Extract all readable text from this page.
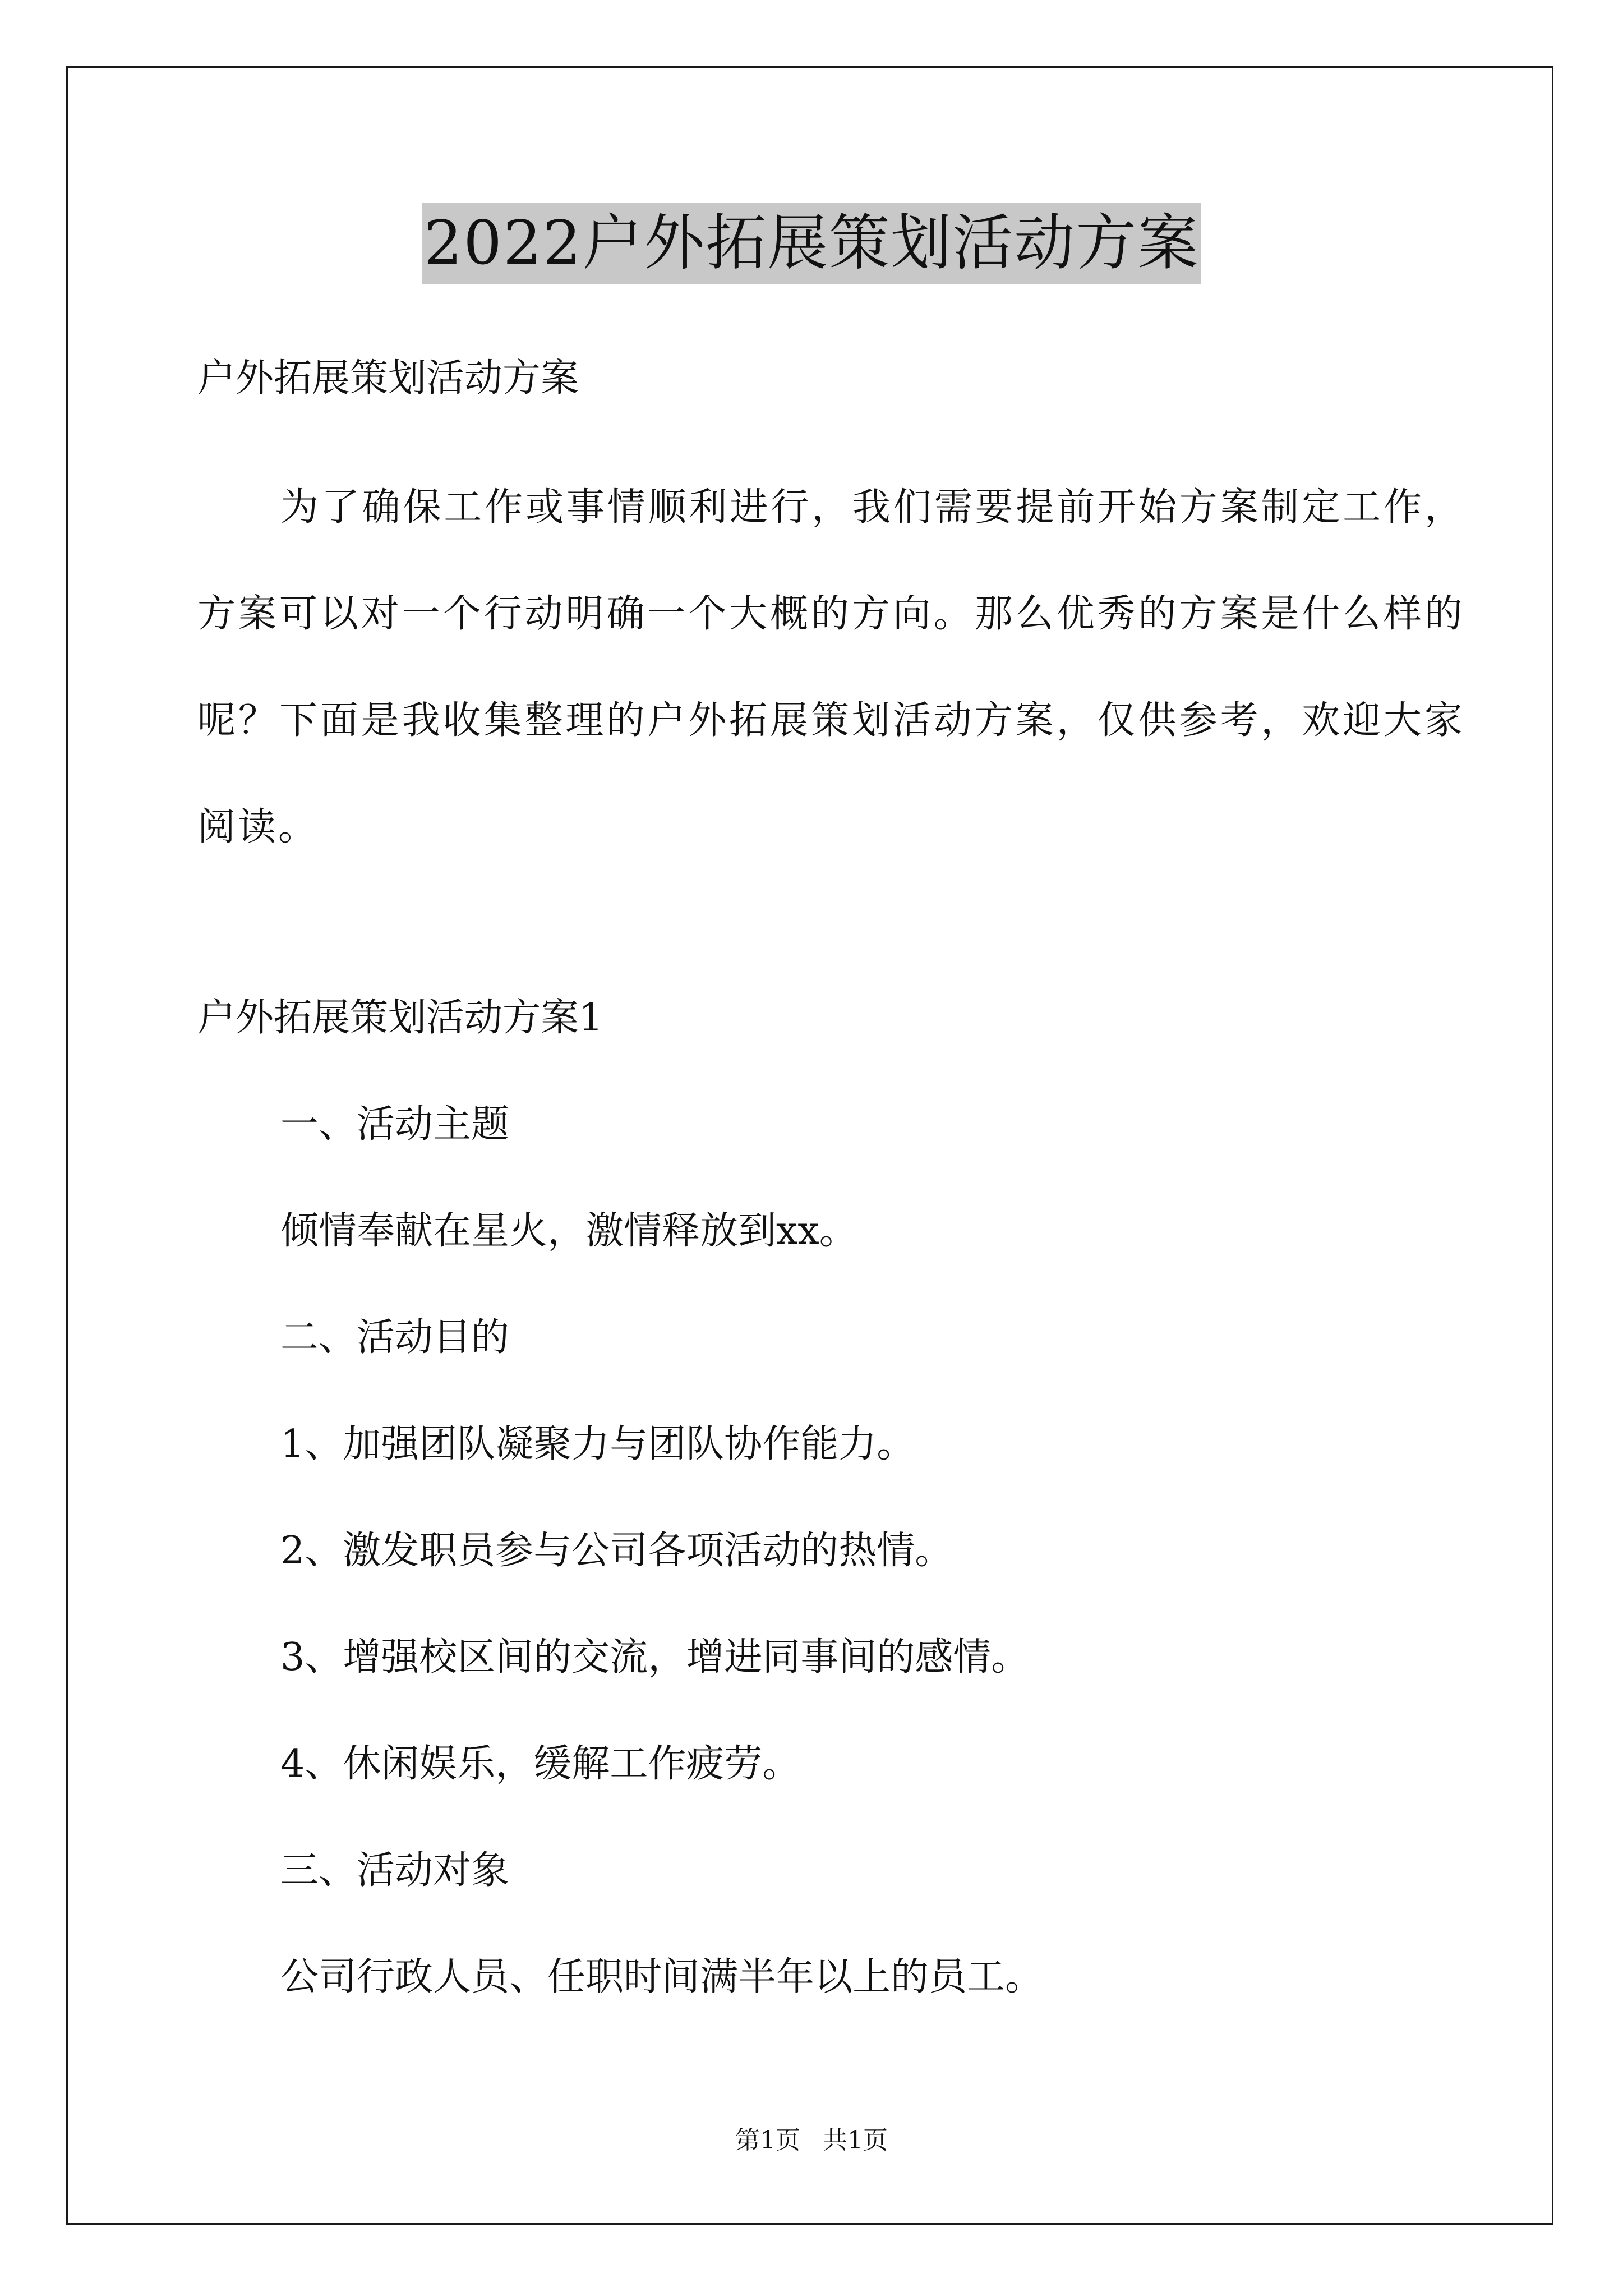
2022户外拓展策划活动方案
户外拓展策划活动方案
为了确保工作或事情顺利进行，我们需要提前开始方案制定工作，方案可以对一个行动明确一个大概的方向。那么优秀的方案是什么样的呢？下面是我收集整理的户外拓展策划活动方案，仅供参考，欢迎大家阅读。
户外拓展策划活动方案1
一、活动主题
倾情奉献在星火，激情释放到xx。
二、活动目的
1、加强团队凝聚力与团队协作能力。
2、激发职员参与公司各项活动的热情。
3、增强校区间的交流，增进同事间的感情。
4、休闲娱乐，缓解工作疲劳。
三、活动对象
公司行政人员、任职时间满半年以上的员工。
第1页 共1页
